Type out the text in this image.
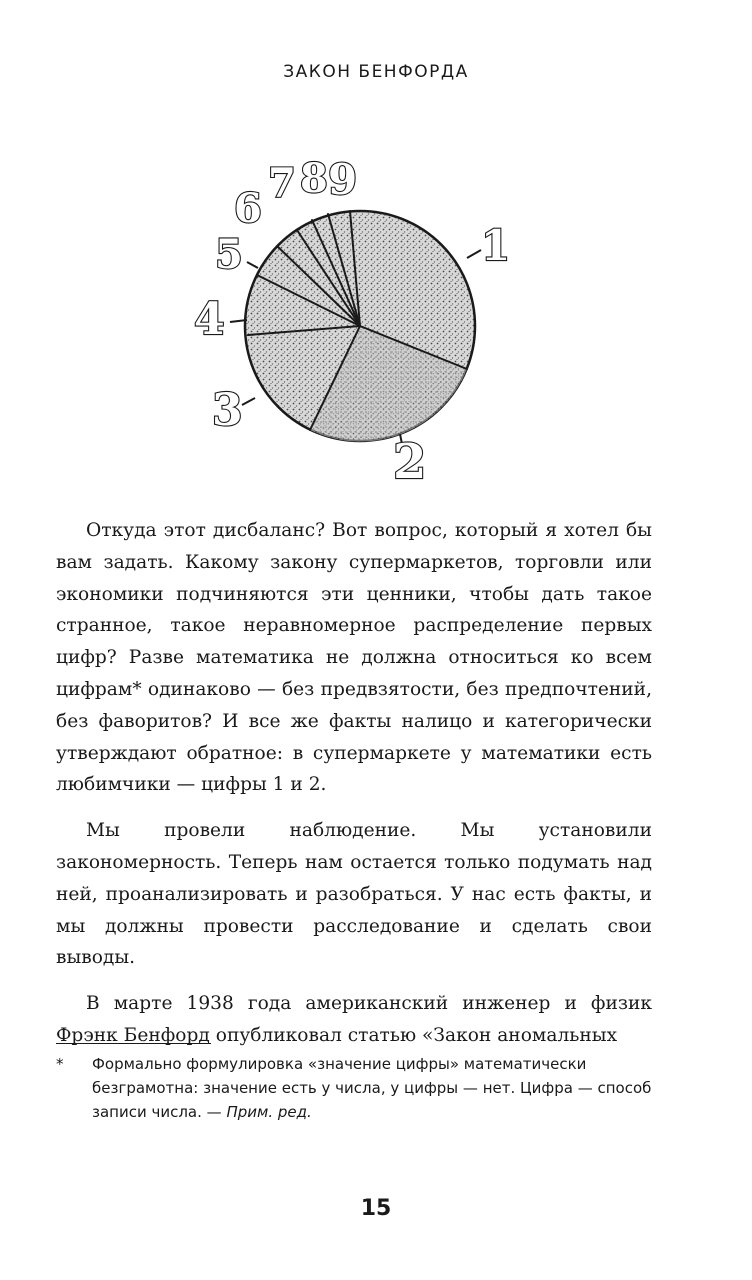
ЗАКОН БЕНФОРДА
1
2
3
4
5
6
7 8 9

Откуда этот дисбаланс? Вот вопрос, который я хотел бы вам задать. Какому закону супермаркетов, торговли или экономики подчиняются эти ценники, чтобы дать такое странное, такое неравномерное распределение первых цифр? Разве математика не должна относиться ко всем цифрам* одинаково — без предвзятости, без предпочтений, без фаворитов? И все же факты налицо и категорически утверждают обратное: в супермаркете у математики есть любимчики — цифры 1 и 2.

Мы провели наблюдение. Мы установили закономерность. Теперь нам остается только подумать над ней, проанализировать и разобраться. У нас есть факты, и мы должны провести расследование и сделать свои выводы.

В марте 1938 года американский инженер и физик Фрэнк Бенфорд опубликовал статью «Закон аномальных

* Формально формулировка «значение цифры» математически безграмотна: значение есть у числа, у цифры — нет. Цифра — способ записи числа. — Прим. ред.
15
